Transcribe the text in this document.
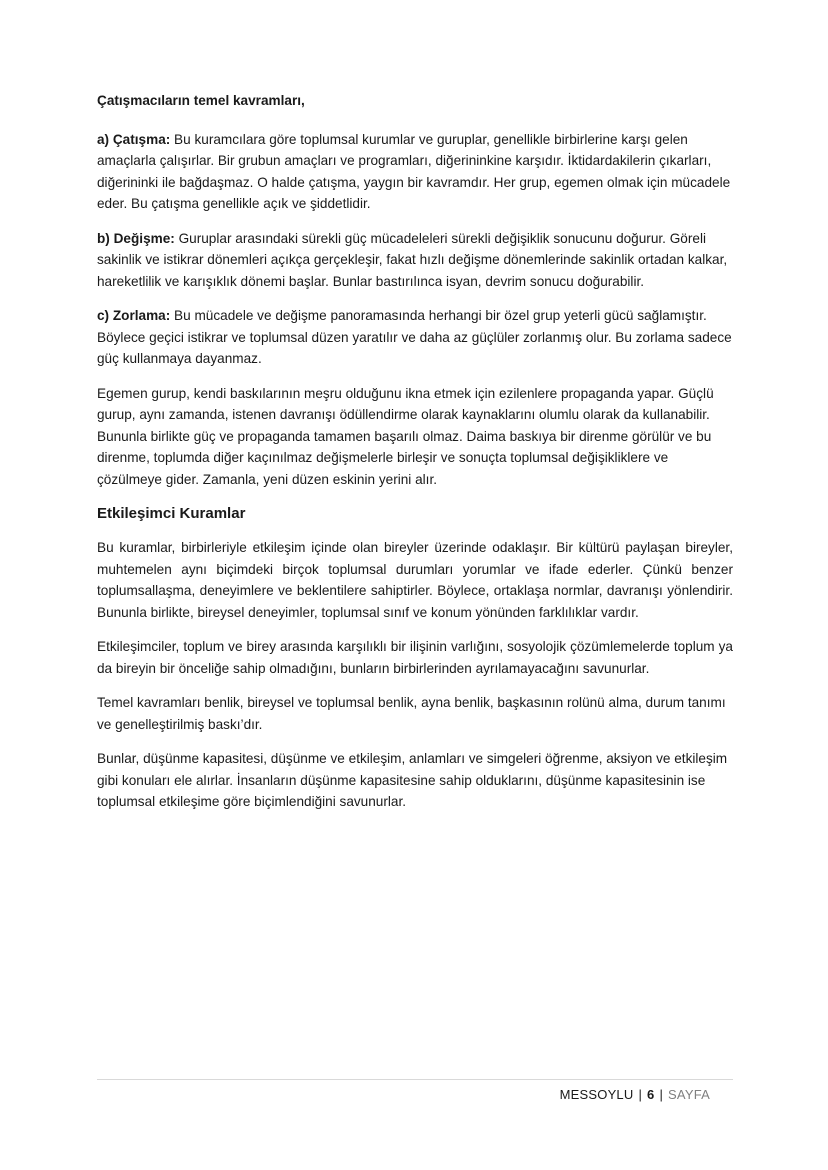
Çatışmacıların temel kavramları,

a) Çatışma: Bu kuramcılara göre toplumsal kurumlar ve guruplar, genellikle birbirlerine karşı gelen amaçlarla çalışırlar. Bir grubun amaçları ve programları, diğerininkine karşıdır. İktidardakilerin çıkarları, diğerininki ile bağdaşmaz. O halde çatışma, yaygın bir kavramdır. Her grup, egemen olmak için mücadele eder. Bu çatışma genellikle açık ve şiddetlidir.

b) Değişme: Guruplar arasındaki sürekli güç mücadeleleri sürekli değişiklik sonucunu doğurur. Göreli sakinlik ve istikrar dönemleri açıkça gerçekleşir, fakat hızlı değişme dönemlerinde sakinlik ortadan kalkar, hareketlilik ve karışıklık dönemi başlar. Bunlar bastırılınca isyan, devrim sonucu doğurabilir.

c) Zorlama: Bu mücadele ve değişme panoramasında herhangi bir özel grup yeterli gücü sağlamıştır. Böylece geçici istikrar ve toplumsal düzen yaratılır ve daha az güçlüler zorlanmış olur. Bu zorlama sadece güç kullanmaya dayanmaz.

Egemen gurup, kendi baskılarının meşru olduğunu ikna etmek için ezilenlere propaganda yapar. Güçlü gurup, aynı zamanda, istenen davranışı ödüllendirme olarak kaynaklarını olumlu olarak da kullanabilir. Bununla birlikte güç ve propaganda tamamen başarılı olmaz. Daima baskıya bir direnme görülür ve bu direnme, toplumda diğer kaçınılmaz değişmelerle birleşir ve sonuçta toplumsal değişikliklere ve çözülmeye gider. Zamanla, yeni düzen eskinin yerini alır.

Etkileşimci Kuramlar

Bu kuramlar, birbirleriyle etkileşim içinde olan bireyler üzerinde odaklaşır. Bir kültürü paylaşan bireyler, muhtemelen aynı biçimdeki birçok toplumsal durumları yorumlar ve ifade ederler. Çünkü benzer toplumsallaşma, deneyimlere ve beklentilere sahiptirler. Böylece, ortaklaşa normlar, davranışı yönlendirir. Bununla birlikte, bireysel deneyimler, toplumsal sınıf ve konum yönünden farklılıklar vardır.

Etkileşimciler, toplum ve birey arasında karşılıklı bir ilişinin varlığını, sosyolojik çözümlemelerde toplum ya da bireyin bir önceliğe sahip olmadığını, bunların birbirlerinden ayrılamayacağını savunurlar.

Temel kavramları benlik, bireysel ve toplumsal benlik, ayna benlik, başkasının rolünü alma, durum tanımı ve genelleştirilmiş baskı’dır.

Bunlar, düşünme kapasitesi, düşünme ve etkileşim, anlamları ve simgeleri öğrenme, aksiyon ve etkileşim gibi konuları ele alırlar. İnsanların düşünme kapasitesine sahip olduklarını, düşünme kapasitesinin ise toplumsal etkileşime göre biçimlendiğini savunurlar.

MESSOYLU | 6 | SAYFA
